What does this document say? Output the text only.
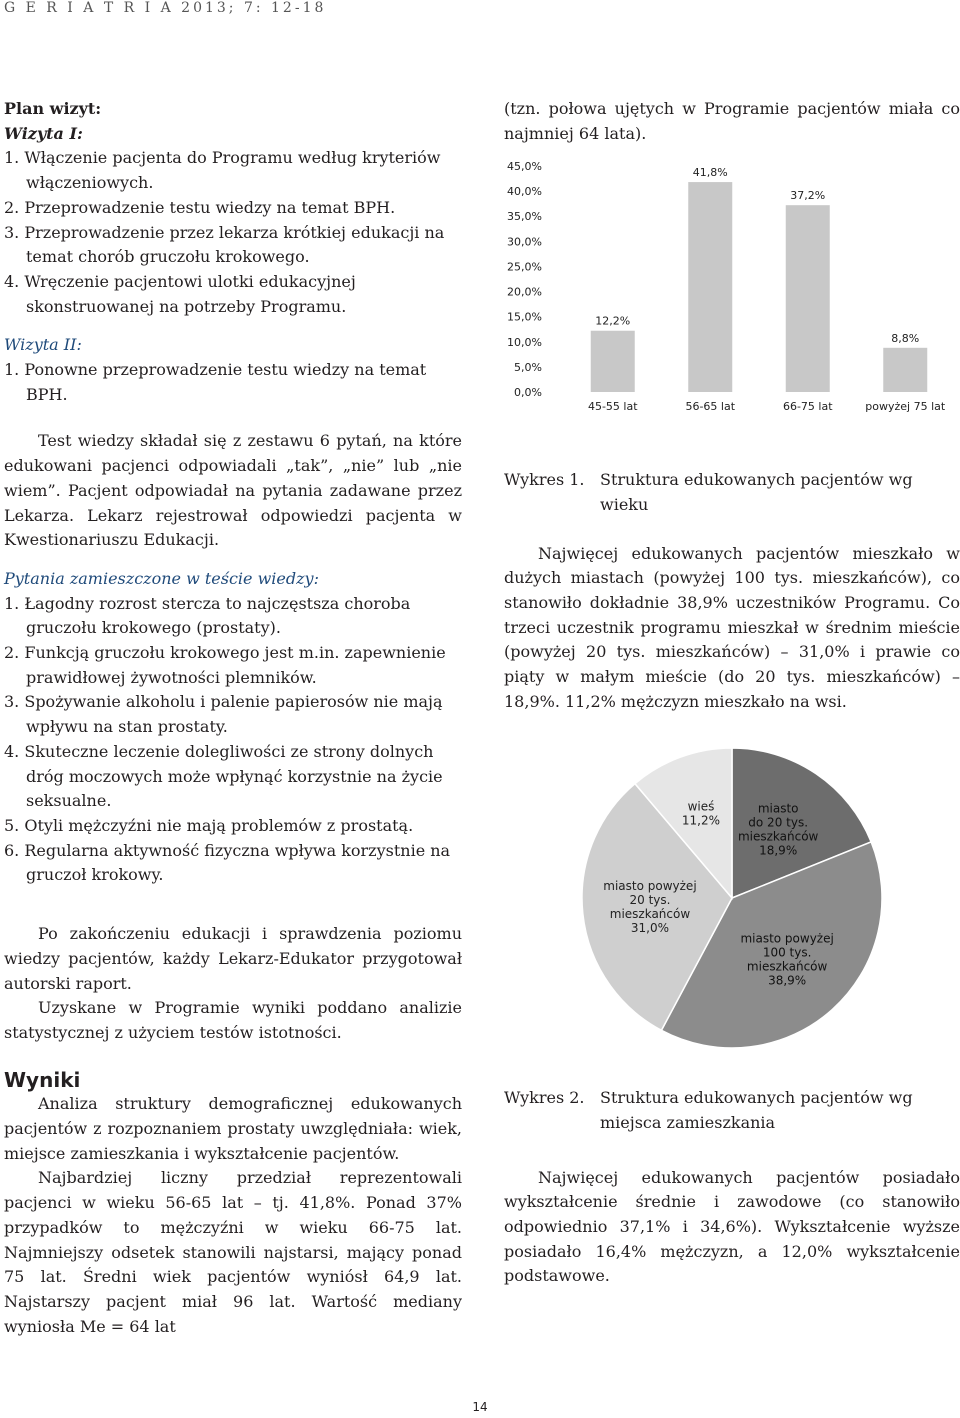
G E R I A T R I A 2013; 7: 12-18

Plan wizyt:

Wizyta I:

1. Włączenie pacjenta do Programu według kryteriów włączeniowych.
2. Przeprowadzenie testu wiedzy na temat BPH.
3. Przeprowadzenie przez lekarza krótkiej edukacji na temat chorób gruczołu krokowego.
4. Wręczenie pacjentowi ulotki edukacyjnej skonstruowanej na potrzeby Programu.

Wizyta II:

1. Ponowne przeprowadzenie testu wiedzy na temat BPH.

Test wiedzy składał się z zestawu 6 pytań, na które edukowani pacjenci odpowiadali „tak”, „nie” lub „nie wiem”. Pacjent odpowiadał na pytania zadawane przez Lekarza. Lekarz rejestrował odpowiedzi pacjenta w Kwestionariuszu Edukacji.

Pytania zamieszczone w teście wiedzy:

1. Łagodny rozrost stercza to najczęstsza choroba gruczołu krokowego (prostaty).
2. Funkcją gruczołu krokowego jest m.in. zapewnienie prawidłowej żywotności plemników.
3. Spożywanie alkoholu i palenie papierosów nie mają wpływu na stan prostaty.
4. Skuteczne leczenie dolegliwości ze strony dolnych dróg moczowych może wpłynąć korzystnie na życie seksualne.
5. Otyli mężczyźni nie mają problemów z prostatą.
6. Regularna aktywność fizyczna wpływa korzystnie na gruczoł krokowy.

Po zakończeniu edukacji i sprawdzenia poziomu wiedzy pacjentów, każdy Lekarz-Edukator przygotował autorski raport.

Uzyskane w Programie wyniki poddano analizie statystycznej z użyciem testów istotności.

Wyniki

Analiza struktury demograficznej edukowanych pacjentów z rozpoznaniem prostaty uwzględniała: wiek, miejsce zamieszkania i wykształcenie pacjentów.

Najbardziej liczny przedział reprezentowali pacjenci w wieku 56-65 lat – tj. 41,8%. Ponad 37% przypadków to mężczyźni w wieku 66-75 lat. Najmniejszy odsetek stanowili najstarsi, mający ponad 75 lat. Średni wiek pacjentów wyniósł 64,9 lat. Najstarszy pacjent miał 96 lat. Wartość mediany wyniosła Me = 64 lat

(tzn. połowa ujętych w Programie pacjentów miała co najmniej 64 lata).

0,0%
5,0%
10,0%
15,0%
20,0%
25,0%
30,0%
35,0%
40,0%
45,0%
12,2%
45-55 lat
41,8%
56-65 lat
37,2%
66-75 lat
8,8%
powyżej 75 lat
Wykres 1. Struktura edukowanych pacjentów wg wieku

Najwięcej edukowanych pacjentów mieszkało w dużych miastach (powyżej 100 tys. mieszkańców), co stanowiło dokładnie 38,9% uczestników Programu. Co trzeci uczestnik programu mieszkał w średnim mieście (powyżej 20 tys. mieszkańców) – 31,0% i prawie co piąty w małym mieście (do 20 tys. mieszkańców) – 18,9%. 11,2% mężczyzn mieszkało na wsi.

miasto do 20 tys. mieszkańców 18,9%
miasto powyżej 100 tys. mieszkańców 38,9%
miasto powyżej 20 tys. mieszkańców 31,0%
wieś 11,2%
Wykres 2. Struktura edukowanych pacjentów wg miejsca zamieszkania

Najwięcej edukowanych pacjentów posiadało wykształcenie średnie i zawodowe (co stanowiło odpowiednio 37,1% i 34,6%). Wykształcenie wyższe posiadało 16,4% mężczyzn, a 12,0% wykształcenie podstawowe.

14
